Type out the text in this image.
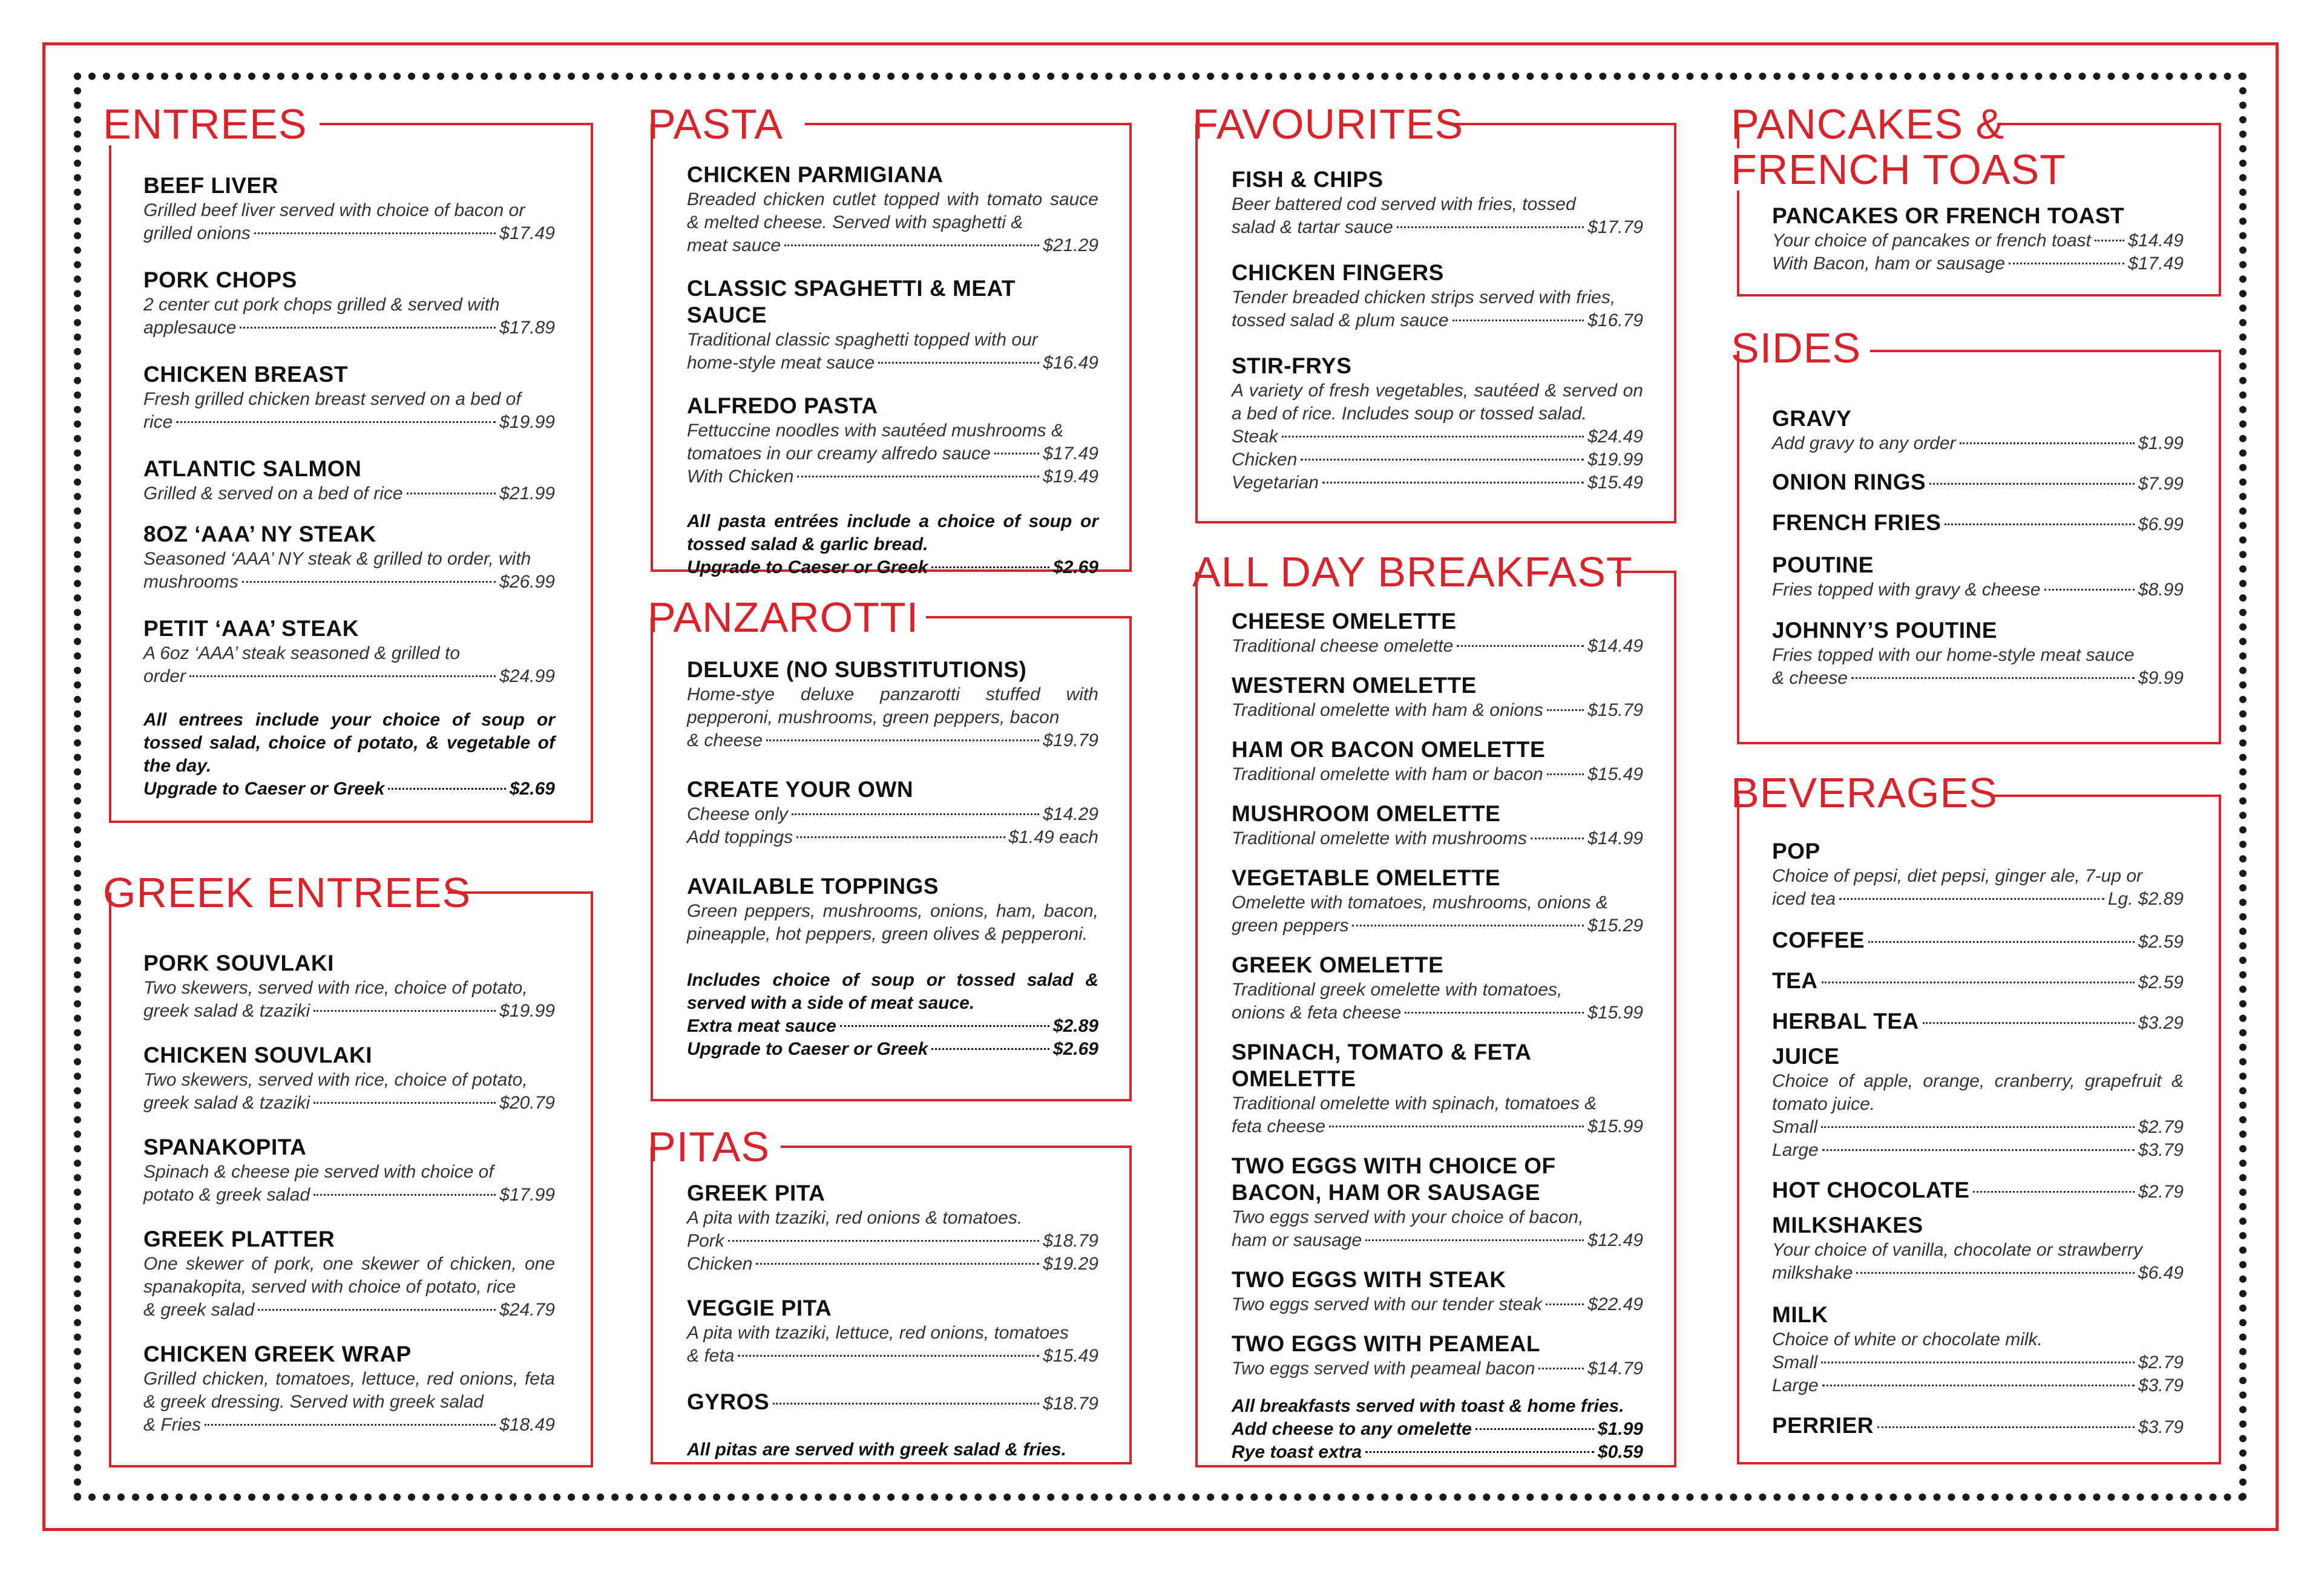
ENTREES
BEEF LIVER
Grilled beef liver served with choice of bacon or
grilled onions	$17.49
PORK CHOPS
2 center cut pork chops grilled & served with
applesauce	$17.89
CHICKEN BREAST
Fresh grilled chicken breast served on a bed of
rice	$19.99
ATLANTIC SALMON
Grilled & served on a bed of rice	$21.99
8OZ ‘AAA’ NY STEAK
Seasoned ‘AAA’ NY steak & grilled to order, with
mushrooms	$26.99
PETIT ‘AAA’ STEAK
A 6oz ‘AAA’ steak seasoned & grilled to
order	$24.99
All entrees include your choice of soup or tossed salad, choice of potato, & vegetable of the day.
Upgrade to Caeser or Greek	$2.69
GREEK ENTREES
PORK SOUVLAKI
Two skewers, served with rice, choice of potato,
greek salad & tzaziki	$19.99
CHICKEN SOUVLAKI
Two skewers, served with rice, choice of potato,
greek salad & tzaziki	$20.79
SPANAKOPITA
Spinach & cheese pie served with choice of
potato & greek salad	$17.99
GREEK PLATTER
One skewer of pork, one skewer of chicken, one spanakopita, served with choice of potato, rice
& greek salad	$24.79
CHICKEN GREEK WRAP
Grilled chicken, tomatoes, lettuce, red onions, feta & greek dressing. Served with greek salad
& Fries	$18.49
PASTA
CHICKEN PARMIGIANA
Breaded chicken cutlet topped with tomato sauce & melted cheese. Served with spaghetti &
meat sauce	$21.29
CLASSIC SPAGHETTI & MEAT SAUCE
Traditional classic spaghetti topped with our
home-style meat sauce	$16.49
ALFREDO PASTA
Fettuccine noodles with sautéed mushrooms &
tomatoes in our creamy alfredo sauce	$17.49
With Chicken	$19.49
All pasta entrées include a choice of soup or tossed salad & garlic bread.
Upgrade to Caeser or Greek	$2.69
PANZAROTTI
DELUXE (NO SUBSTITUTIONS)
Home-stye deluxe panzarotti stuffed with pepperoni, mushrooms, green peppers, bacon
& cheese	$19.79
CREATE YOUR OWN
Cheese only	$14.29
Add toppings	$1.49 each
AVAILABLE TOPPINGS
Green peppers, mushrooms, onions, ham, bacon, pineapple, hot peppers, green olives & pepperoni.
Includes choice of soup or tossed salad & served with a side of meat sauce.
Extra meat sauce	$2.89
Upgrade to Caeser or Greek	$2.69
PITAS
GREEK PITA
A pita with tzaziki, red onions & tomatoes.
Pork	$18.79
Chicken	$19.29
VEGGIE PITA
A pita with tzaziki, lettuce, red onions, tomatoes
& feta	$15.49
GYROS	$18.79
All pitas are served with greek salad & fries.
FAVOURITES
FISH & CHIPS
Beer battered cod served with fries, tossed
salad & tartar sauce	$17.79
CHICKEN FINGERS
Tender breaded chicken strips served with fries,
tossed salad & plum sauce	$16.79
STIR-FRYS
A variety of fresh vegetables, sautéed & served on a bed of rice. Includes soup or tossed salad.
Steak	$24.49
Chicken	$19.99
Vegetarian	$15.49
ALL DAY BREAKFAST
CHEESE OMELETTE
Traditional cheese omelette	$14.49
WESTERN OMELETTE
Traditional omelette with ham & onions $15.79
HAM OR BACON OMELETTE
Traditional omelette with ham or bacon $15.49
MUSHROOM OMELETTE
Traditional omelette with mushrooms	$14.99
VEGETABLE OMELETTE
Omelette with tomatoes, mushrooms, onions &
green peppers	$15.29
GREEK OMELETTE
Traditional greek omelette with tomatoes,
onions & feta cheese	$15.99
SPINACH, TOMATO & FETA OMELETTE
Traditional omelette with spinach, tomatoes &
feta cheese	$15.99
TWO EGGS WITH CHOICE OF BACON, HAM OR SAUSAGE
Two eggs served with your choice of bacon,
ham or sausage	$12.49
TWO EGGS WITH STEAK
Two eggs served with our tender steak	$22.49
TWO EGGS WITH PEAMEAL
Two eggs served with peameal bacon	$14.79
All breakfasts served with toast & home fries.
Add cheese to any omelette	$1.99
Rye toast extra	$0.59
PANCAKES &
FRENCH TOAST
PANCAKES OR FRENCH TOAST
Your choice of pancakes or french toast $14.49
With Bacon, ham or sausage	$17.49
SIDES
GRAVY
Add gravy to any order	$1.99
ONION RINGS	$7.99
FRENCH FRIES	$6.99
POUTINE
Fries topped with gravy & cheese	$8.99
JOHNNY’S POUTINE
Fries topped with our home-style meat sauce
& cheese	$9.99
BEVERAGES
POP
Choice of pepsi, diet pepsi, ginger ale, 7-up or
iced tea	Lg. $2.89
COFFEE	$2.59
TEA	$2.59
HERBAL TEA	$3.29
JUICE
Choice of apple, orange, cranberry, grapefruit & tomato juice.
Small	$2.79
Large	$3.79
HOT CHOCOLATE	$2.79
MILKSHAKES
Your choice of vanilla, chocolate or strawberry
milkshake	$6.49
MILK
Choice of white or chocolate milk.
Small	$2.79
Large	$3.79
PERRIER	$3.79
